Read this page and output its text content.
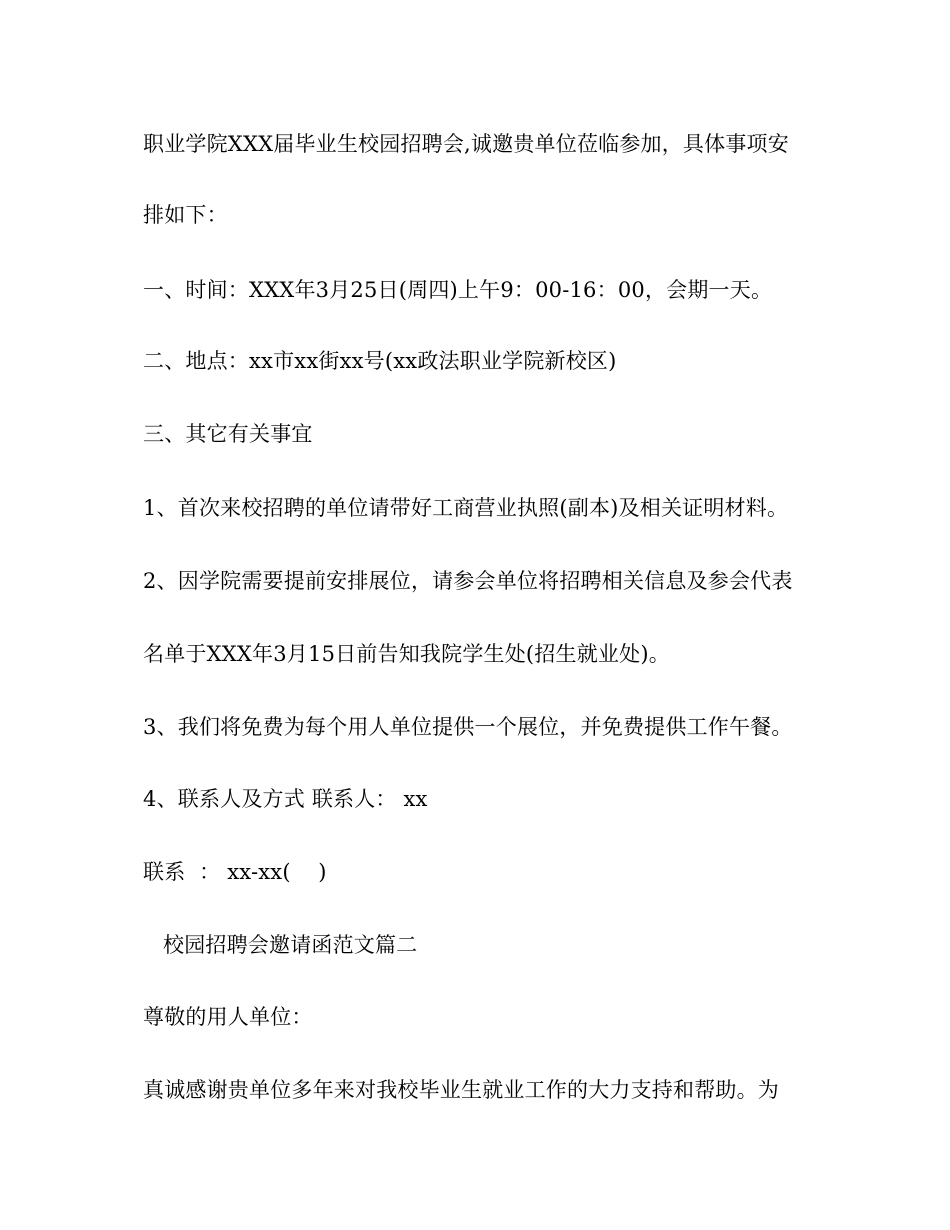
职业学院XXX届毕业生校园招聘会,诚邀贵单位莅临参加，具体事项安
排如下：
一、时间：XXX年3月25日(周四)上午9：00-16：00，会期一天。
二、地点：xx市xx街xx号(xx政法职业学院新校区)
三、其它有关事宜
1、首次来校招聘的单位请带好工商营业执照(副本)及相关证明材料。
2、因学院需要提前安排展位，请参会单位将招聘相关信息及参会代表
名单于XXX年3月15日前告知我院学生处(招生就业处)。
3、我们将免费为每个用人单位提供一个展位，并免费提供工作午餐。
4、联系人及方式 联系人： xx
联系  ： xx-xx(    )
校园招聘会邀请函范文篇二
尊敬的用人单位：
真诚感谢贵单位多年来对我校毕业生就业工作的大力支持和帮助。为
